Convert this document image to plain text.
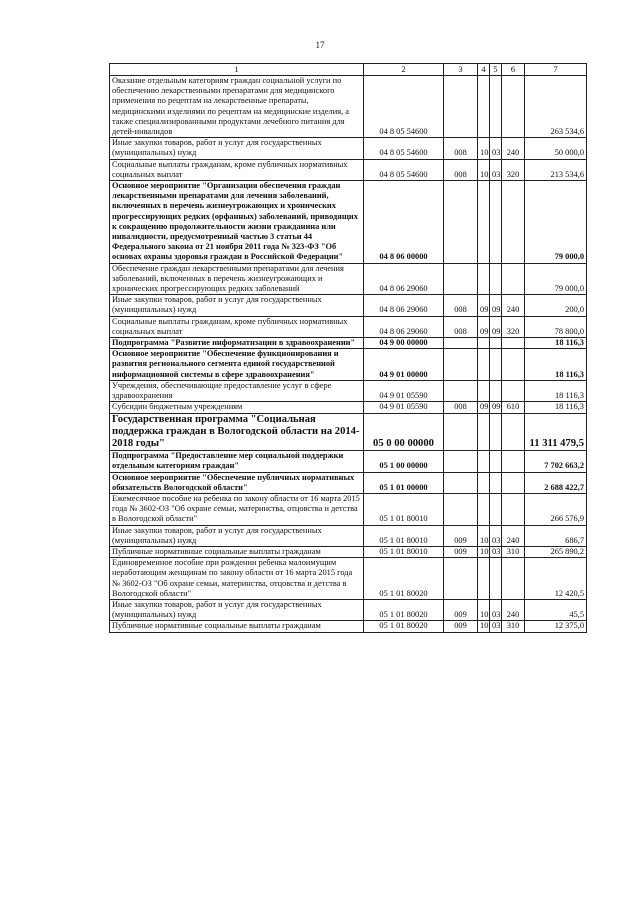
17
1	2	3	4	5	6	7
Оказание отдельным категориям граждан социальной услуги по обеспечению лекарственными препаратами для медицинского применения по рецептам на лекарственные препараты, медицинскими изделиями по рецептам на медицинские изделия, а также специализированными продуктами лечебного питания для детей-инвалидов	04 8 05 54600					263 534,6
Иные закупки товаров, работ и услуг для государственных (муниципальных) нужд	04 8 05 54600	008	10	03	240	50 000,0
Социальные выплаты гражданам, кроме публичных нормативных социальных выплат	04 8 05 54600	008	10	03	320	213 534,6
Основное мероприятие "Организация обеспечения граждан лекарственными препаратами для лечения заболеваний, включенных в перечень жизнеугрожающих и хронических прогрессирующих редких (орфанных) заболеваний, приводящих к сокращению продолжительности жизни гражданина или инвалидности, предусмотренный частью 3 статьи 44 Федерального закона от 21 ноября 2011 года № 323-ФЗ "Об основах охраны здоровья граждан в Российской Федерации"	04 8 06 00000					79 000,0
Обеспечение граждан лекарственными препаратами для лечения заболеваний, включенных в перечень жизнеугрожающих и хронических прогрессирующих редких заболеваний	04 8 06 29060					79 000,0
Иные закупки товаров, работ и услуг для государственных (муниципальных) нужд	04 8 06 29060	008	09	09	240	200,0
Социальные выплаты гражданам, кроме публичных нормативных социальных выплат	04 8 06 29060	008	09	09	320	78 800,0
Подпрограмма "Развитие информатизации в здравоохранении"	04 9 00 00000					18 116,3
Основное мероприятие "Обеспечение функционирования и развития регионального сегмента единой государственной информационной системы в сфере здравоохранения"	04 9 01 00000					18 116,3
Учреждения, обеспечивающие предоставление услуг в сфере здравоохранения	04 9 01 05590					18 116,3
Субсидии бюджетным учреждениям	04 9 01 05590	008	09	09	610	18 116,3
Государственная программа "Социальная поддержка граждан в Вологодской области на 2014-2018 годы"	05 0 00 00000					11 311 479,5
Подпрограмма "Предоставление мер социальной поддержки отдельным категориям граждан"	05 1 00 00000					7 702 663,2
Основное мероприятие "Обеспечение публичных нормативных обязательств Вологодской области"	05 1 01 00000					2 688 422,7
Ежемесячное пособие на ребенка по закону области от 16 марта 2015 года № 3602-ОЗ "Об охране семьи, материнства, отцовства и детства в Вологодской области"	05 1 01 80010					266 576,9
Иные закупки товаров, работ и услуг для государственных (муниципальных) нужд	05 1 01 80010	009	10	03	240	686,7
Публичные нормативные социальные выплаты гражданам	05 1 01 80010	009	10	03	310	265 890,2
Единовременное пособие при рождении ребенка малоимущим неработающим женщинам по закону области от 16 марта 2015 года № 3602-ОЗ "Об охране семьи, материнства, отцовства и детства в Вологодской области"	05 1 01 80020					12 420,5
Иные закупки товаров, работ и услуг для государственных (муниципальных) нужд	05 1 01 80020	009	10	03	240	45,5
Публичные нормативные социальные выплаты гражданам	05 1 01 80020	009	10	03	310	12 375,0
